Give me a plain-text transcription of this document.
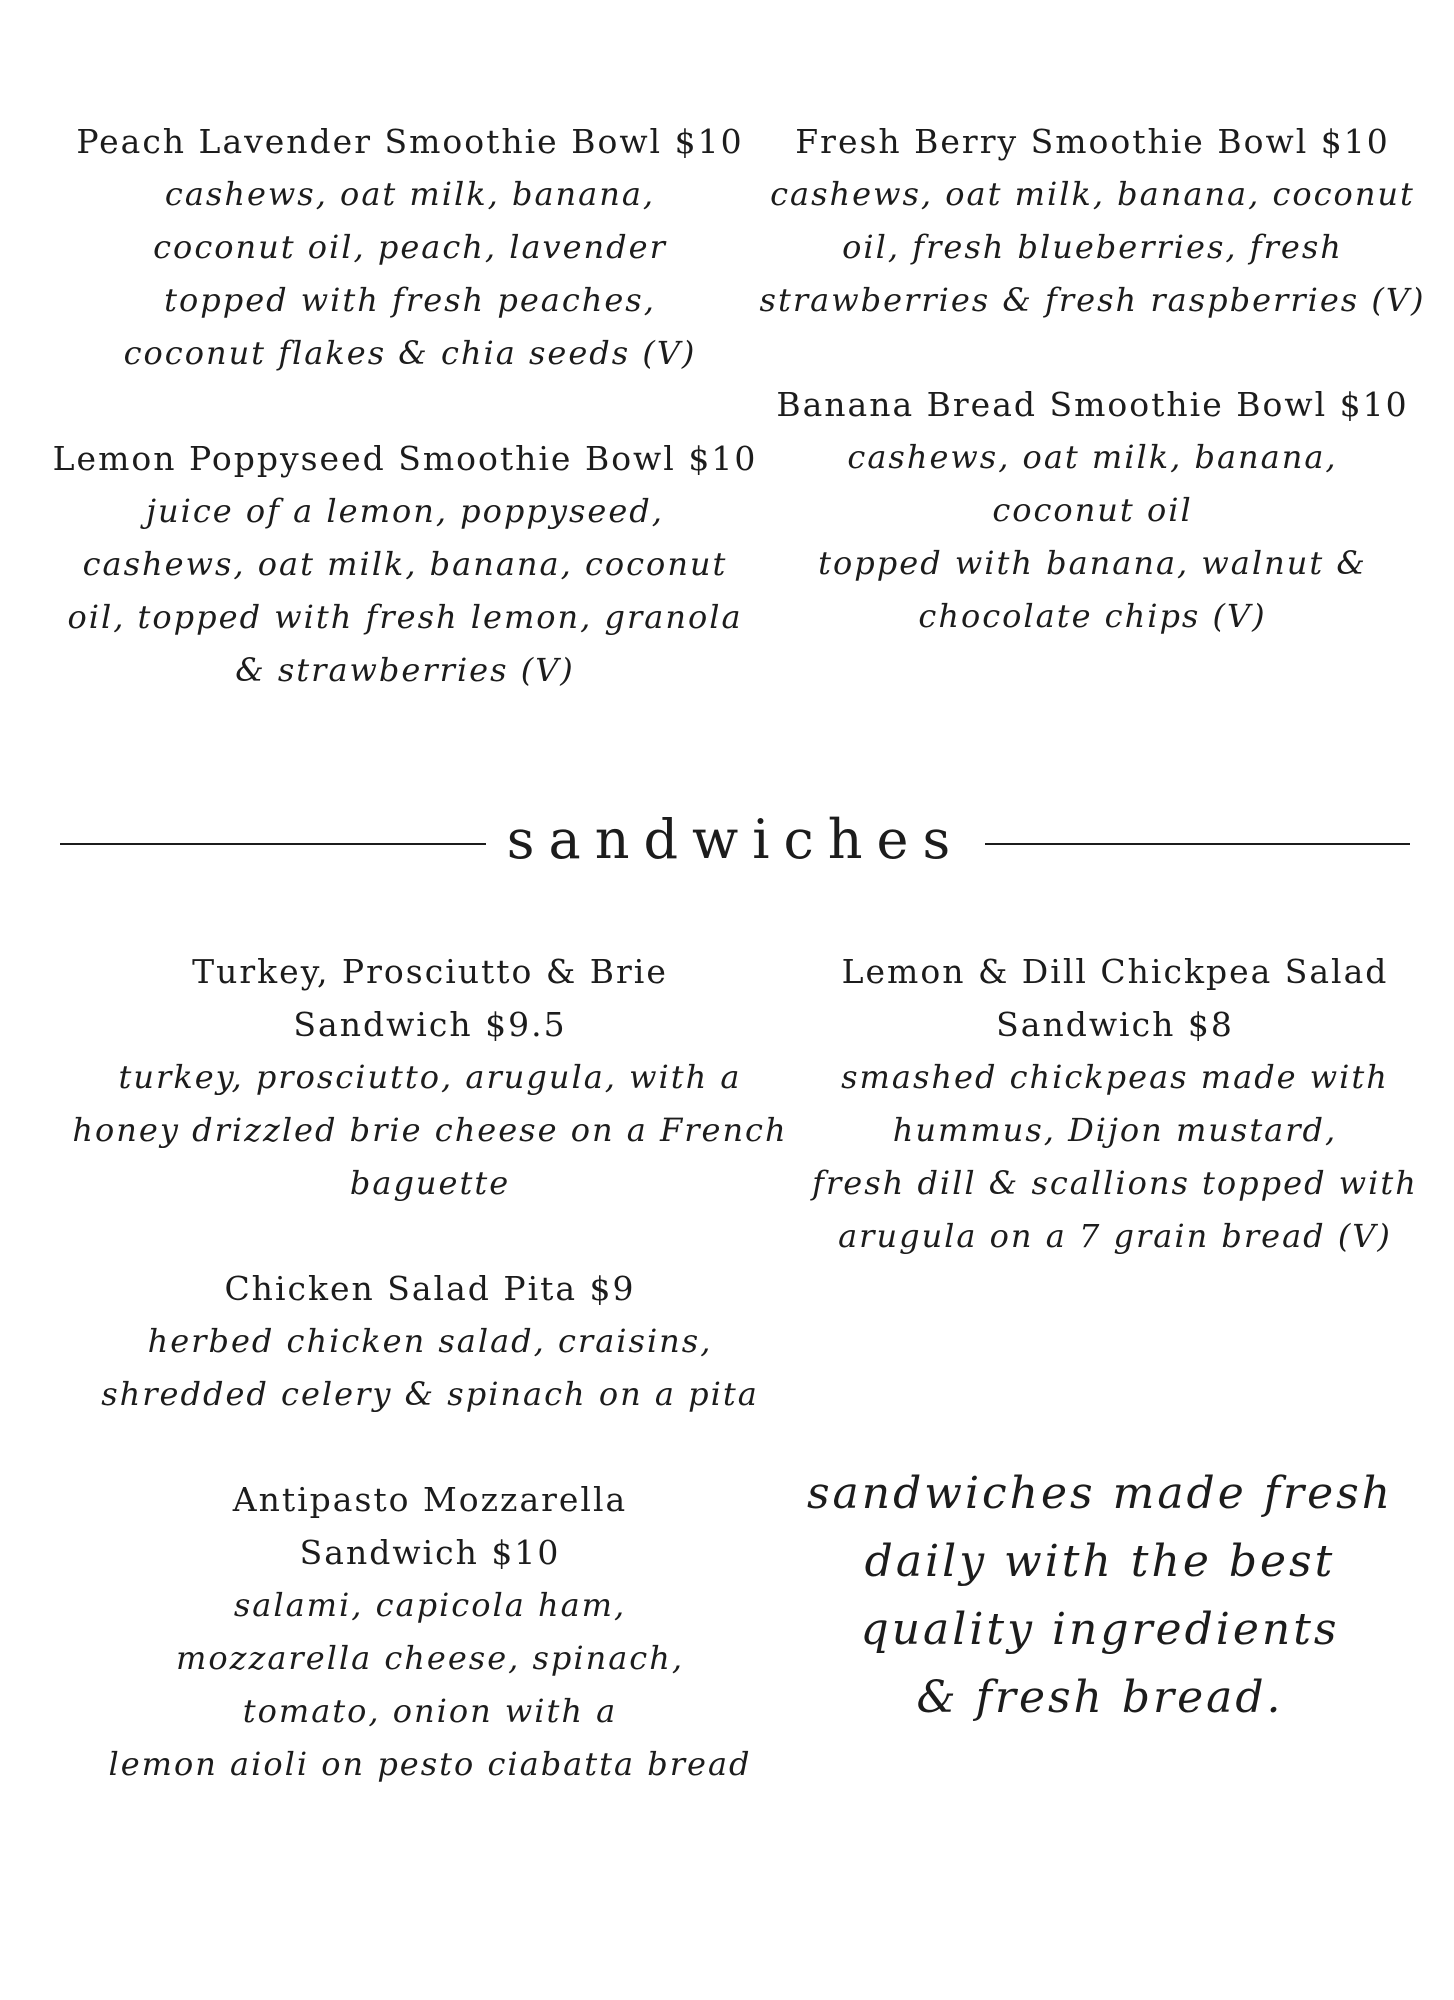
Peach Lavender Smoothie Bowl $10
cashews, oat milk, banana,
coconut oil, peach, lavender
topped with fresh peaches,
coconut flakes & chia seeds (V)
Fresh Berry Smoothie Bowl $10
cashews, oat milk, banana, coconut
oil, fresh blueberries, fresh
strawberries & fresh raspberries (V)
Banana Bread Smoothie Bowl $10
cashews, oat milk, banana,
coconut oil
topped with banana, walnut &
chocolate chips (V)
Lemon Poppyseed Smoothie Bowl $10
juice of a lemon, poppyseed,
cashews, oat milk, banana, coconut
oil, topped with fresh lemon, granola
& strawberries (V)
sandwiches
Turkey, Prosciutto & Brie
Sandwich $9.5
turkey, prosciutto, arugula, with a
honey drizzled brie cheese on a French
baguette
Lemon & Dill Chickpea Salad
Sandwich $8
smashed chickpeas made with
hummus, Dijon mustard,
fresh dill & scallions topped with
arugula on a 7 grain bread (V)
Chicken Salad Pita $9
herbed chicken salad, craisins,
shredded celery & spinach on a pita
Antipasto Mozzarella
Sandwich $10
salami, capicola ham,
mozzarella cheese, spinach,
tomato, onion with a
lemon aioli on pesto ciabatta bread
sandwiches made fresh
daily with the best
quality ingredients
& fresh bread.
